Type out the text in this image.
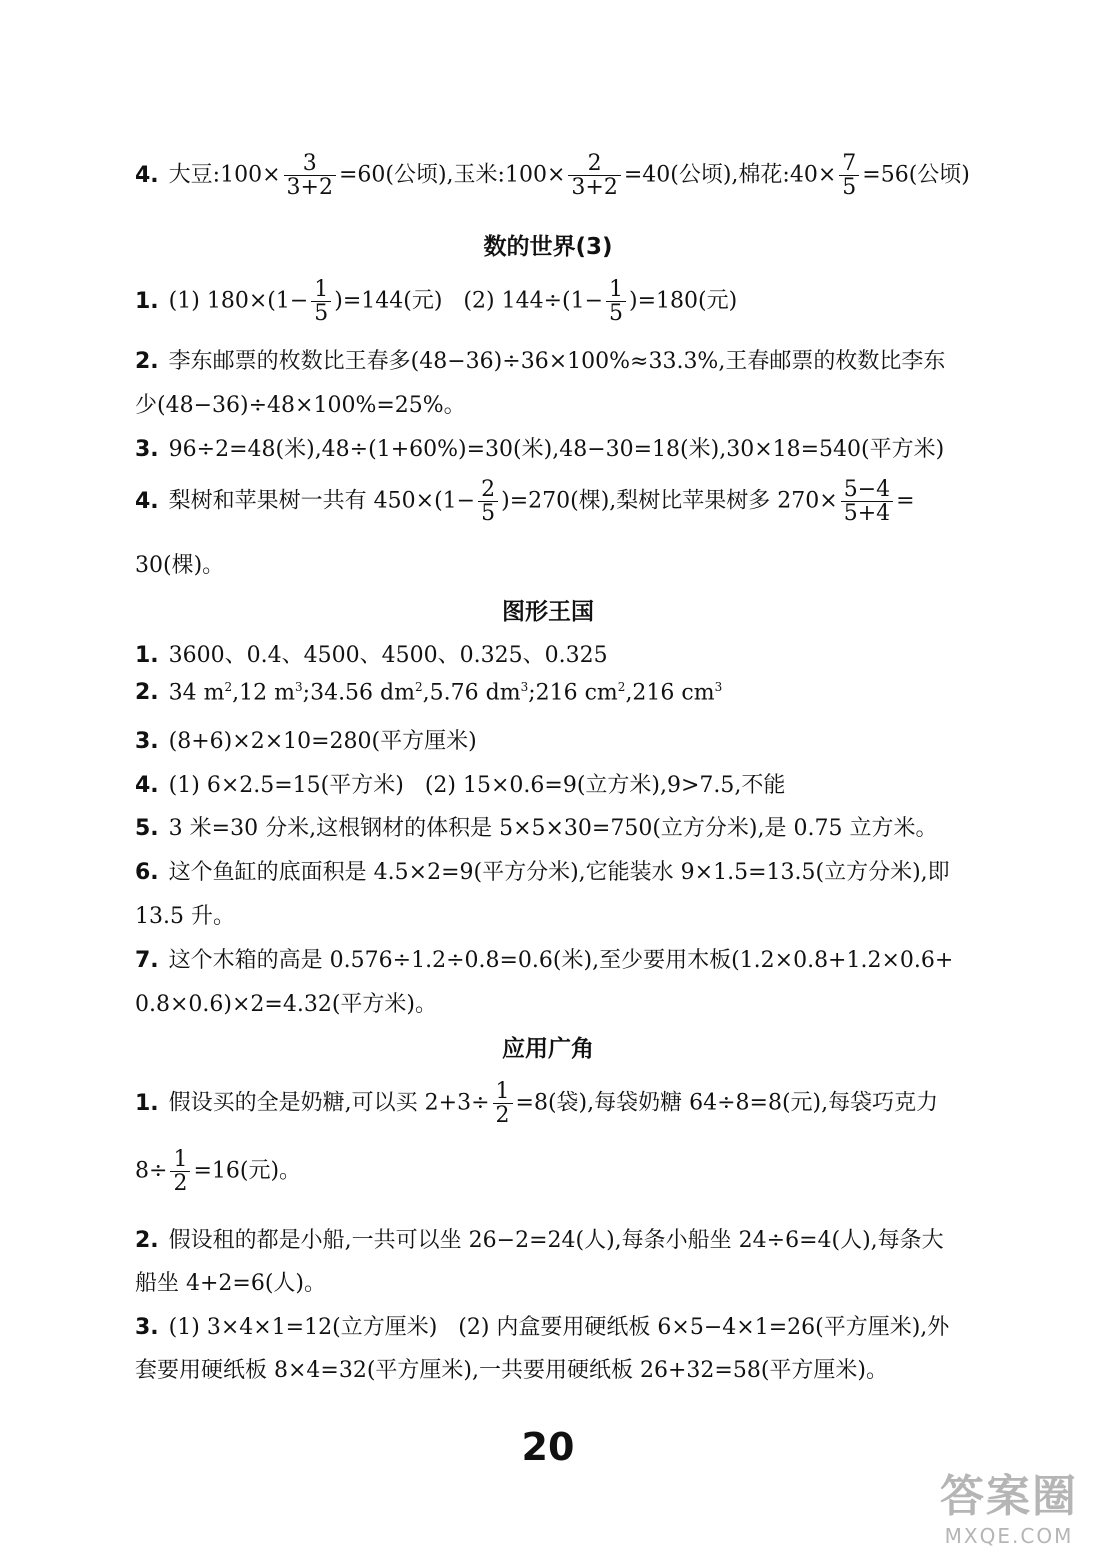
4. 大豆:100× $\frac{3}{3+2} =60$(公顷),玉米:100× $\frac{2}{3+2} =40$(公顷),棉花:40× $\frac{7}{5} =56$(公顷)
数的世界(3)
1. (1) $180\times(1- \frac{1}{5} )=144$(元)   (2) $144\div(1- \frac{1}{5} )=180$(元)
2. 李东邮票的枚数比王春多(48−36)÷36×100%≈33.3%,王春邮票的枚数比李东
少(48−36)÷48×100%=25%。
3. 96÷2=48(米),48÷(1+60%)=30(米),48−30=18(米),30×18=540(平方米)
4. 梨树和苹果树一共有 $450\times(1- \frac{2}{5} )=270$(棵),梨树比苹果树多 $270\times \frac{5-4}{5+4}$ =
30(棵)。
图形王国
1. 3600、0.4、4500、4500、0.325、0.325
2. 34 $m^2,12$ $m^3;34.56$ $dm^2,5.76$ $dm^3;216$ $cm^2,216$ $cm^3$
3. (8+6)×2×10=280(平方厘米)
4. (1) 6×2.5=15(平方米)   (2) 15×0.6=9(立方米),9>7.5,不能
5. 3 米=30 分米,这根钢材的体积是 5×5×30=750(立方分米),是 0.75 立方米。
6. 这个鱼缸的底面积是 4.5×2=9(平方分米),它能装水 9×1.5=13.5(立方分米),即
13.5 升。
7. 这个木箱的高是 0.576÷1.2÷0.8=0.6(米),至少要用木板(1.2×0.8+1.2×0.6+
0.8×0.6)×2=4.32(平方米)。
应用广角
1. 假设买的全是奶糖,可以买 $2+3\div \frac{1}{2} =8$(袋),每袋奶糖 64÷8=8(元),每袋巧克力
$8\div \frac{1}{2} =16$(元)。
2. 假设租的都是小船,一共可以坐 26−2=24(人),每条小船坐 24÷6=4(人),每条大
船坐 4+2=6(人)。
3. (1) 3×4×1=12(立方厘米)   (2) 内盒要用硬纸板 6×5−4×1=26(平方厘米),外
套要用硬纸板 8×4=32(平方厘米),一共要用硬纸板 26+32=58(平方厘米)。
20
答案圈
MXQE.COM
